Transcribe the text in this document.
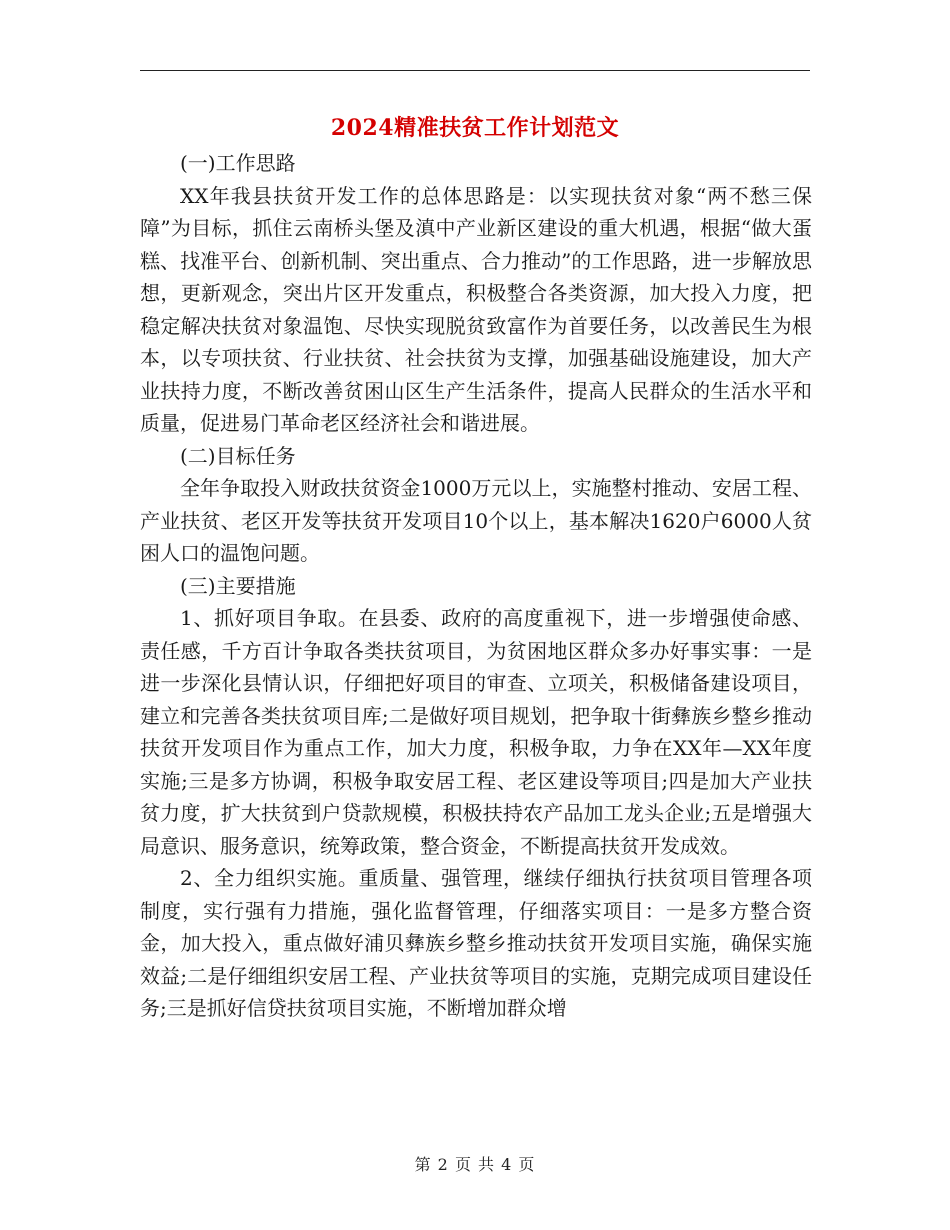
2024精准扶贫工作计划范文

(一)工作思路

XX年我县扶贫开发工作的总体思路是：以实现扶贫对象“两不愁三保障”为目标，抓住云南桥头堡及滇中产业新区建设的重大机遇，根据“做大蛋糕、找准平台、创新机制、突出重点、合力推动”的工作思路，进一步解放思想，更新观念，突出片区开发重点，积极整合各类资源，加大投入力度，把稳定解决扶贫对象温饱、尽快实现脱贫致富作为首要任务，以改善民生为根本，以专项扶贫、行业扶贫、社会扶贫为支撑，加强基础设施建设，加大产业扶持力度，不断改善贫困山区生产生活条件，提高人民群众的生活水平和质量，促进易门革命老区经济社会和谐进展。

(二)目标任务

全年争取投入财政扶贫资金1000万元以上，实施整村推动、安居工程、产业扶贫、老区开发等扶贫开发项目10个以上，基本解决1620户6000人贫困人口的温饱问题。

(三)主要措施

1、抓好项目争取。在县委、政府的高度重视下，进一步增强使命感、责任感，千方百计争取各类扶贫项目，为贫困地区群众多办好事实事：一是进一步深化县情认识，仔细把好项目的审查、立项关，积极储备建设项目，建立和完善各类扶贫项目库;二是做好项目规划，把争取十街彝族乡整乡推动扶贫开发项目作为重点工作，加大力度，积极争取，力争在XX年—XX年度实施;三是多方协调，积极争取安居工程、老区建设等项目;四是加大产业扶贫力度，扩大扶贫到户贷款规模，积极扶持农产品加工龙头企业;五是增强大局意识、服务意识，统筹政策，整合资金，不断提高扶贫开发成效。

2、全力组织实施。重质量、强管理，继续仔细执行扶贫项目管理各项制度，实行强有力措施，强化监督管理，仔细落实项目：一是多方整合资金，加大投入，重点做好浦贝彝族乡整乡推动扶贫开发项目实施，确保实施效益;二是仔细组织安居工程、产业扶贫等项目的实施，克期完成项目建设任务;三是抓好信贷扶贫项目实施，不断增加群众增

第 2 页 共 4 页
